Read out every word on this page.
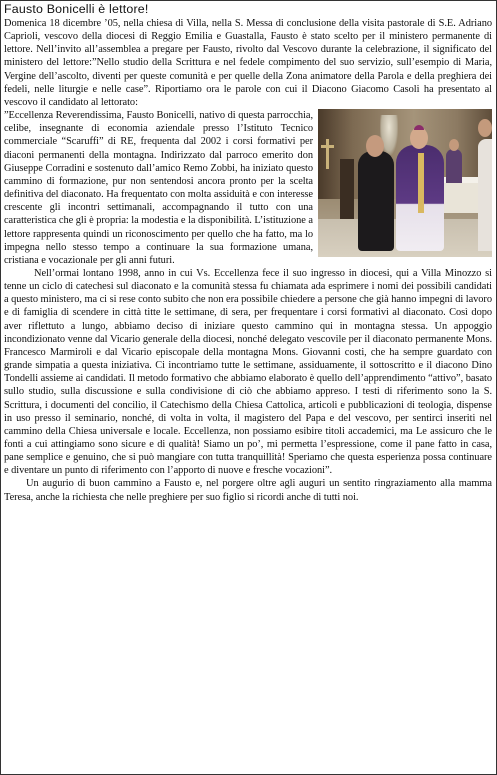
Fausto Bonicelli è lettore!

Domenica 18 dicembre ’05, nella chiesa di Villa, nella S. Messa di conclusione della visita pastorale di S.E. Adriano Caprioli, vescovo della diocesi di Reggio Emilia e Guastalla, Fausto è stato scelto per il ministero permanente di lettore. Nell’invito all’assemblea a pregare per Fausto, rivolto dal Vescovo durante la celebrazione, il significato del ministero del lettore:”Nello studio della Scrittura e nel fedele compimento del suo servizio, sull’esempio di Maria, Vergine dell’ascolto, diventi per queste comunità e per quelle della Zona animatore della Parola e della preghiera dei fedeli, nelle liturgie e nelle case”. Riportiamo ora le parole con cui il Diacono Giacomo Casoli ha presentato al vescovo il candidato al lettorato:

”Eccellenza Reverendissima, Fausto Bonicelli, nativo di questa parrocchia, celibe, insegnante di economia aziendale presso l’Istituto Tecnico commerciale “Scaruffi” di RE, frequenta dal 2002 i corsi formativi per diaconi permanenti della montagna. Indirizzato dal parroco emerito don Giuseppe Corradini e sostenuto dall’amico Remo Zobbi, ha iniziato questo cammino di formazione, pur non sentendosi ancora pronto per la scelta definitiva del diaconato. Ha frequentato con molta assiduità e con interesse crescente gli incontri settimanali, accompagnando il tutto con una caratteristica che gli è propria: la modestia e la disponibilità. L’istituzione a lettore rappresenta quindi un riconoscimento per quello che ha fatto, ma lo impegna nello stesso tempo a continuare la sua formazione umana, cristiana e vocazionale per gli anni futuri.

Nell’ormai lontano 1998, anno in cui Vs. Eccellenza fece il suo ingresso in diocesi, qui a Villa Minozzo si tenne un ciclo di catechesi sul diaconato e la comunità stessa fu chiamata ada esprimere i nomi dei possibili candidati a questo ministero, ma ci si rese conto subito che non era possibile chiedere a persone che già hanno impegni di lavoro e di famiglia di scendere in città titte le settimane, di sera, per frequentare i corsi formativi al diaconato. Così dopo aver riflettuto a lungo, abbiamo deciso di iniziare questo cammino qui in montagna stessa. Un appoggio incondizionato venne dal Vicario generale della diocesi, nonché delegato vescovile per il diaconato permanente Mons. Francesco Marmiroli e dal Vicario episcopale della montagna Mons. Giovanni costi, che ha sempre guardato con grande simpatia a questa iniziativa. Ci incontriamo tutte le settimane, assiduamente, il sottoscritto e il diacono Dino Tondelli assieme ai candidati. Il metodo formativo che abbiamo elaborato è quello dell’apprendimento “attivo”, basato sullo studio, sulla discussione e sulla condivisione di ciò che abbiamo appreso. I testi di riferimento sono la S. Scrittura, i documenti del concilio, il Catechismo della Chiesa Cattolica, articoli e pubblicazioni di teologia, dispense in uso presso il seminario, nonché, di volta in volta, il magistero del Papa e del vescovo, per sentirci inseriti nel cammino della Chiesa universale e locale. Eccellenza, non possiamo esibire titoli accademici, ma Le assicuro che le fonti a cui attingiamo sono sicure e di qualità! Siamo un po’, mi permetta l’espressione, come il pane fatto in casa, pane semplice e genuino, che si può mangiare con tutta tranquillità! Speriamo che questa esperienza possa continuare e diventare un punto di riferimento con l’apporto di nuove e fresche vocazioni”.

Un augurio di buon cammino a Fausto e, nel porgere oltre agli auguri un sentito ringraziamento alla mamma Teresa, anche la richiesta che nelle preghiere per suo figlio si ricordi anche di tutti noi.
